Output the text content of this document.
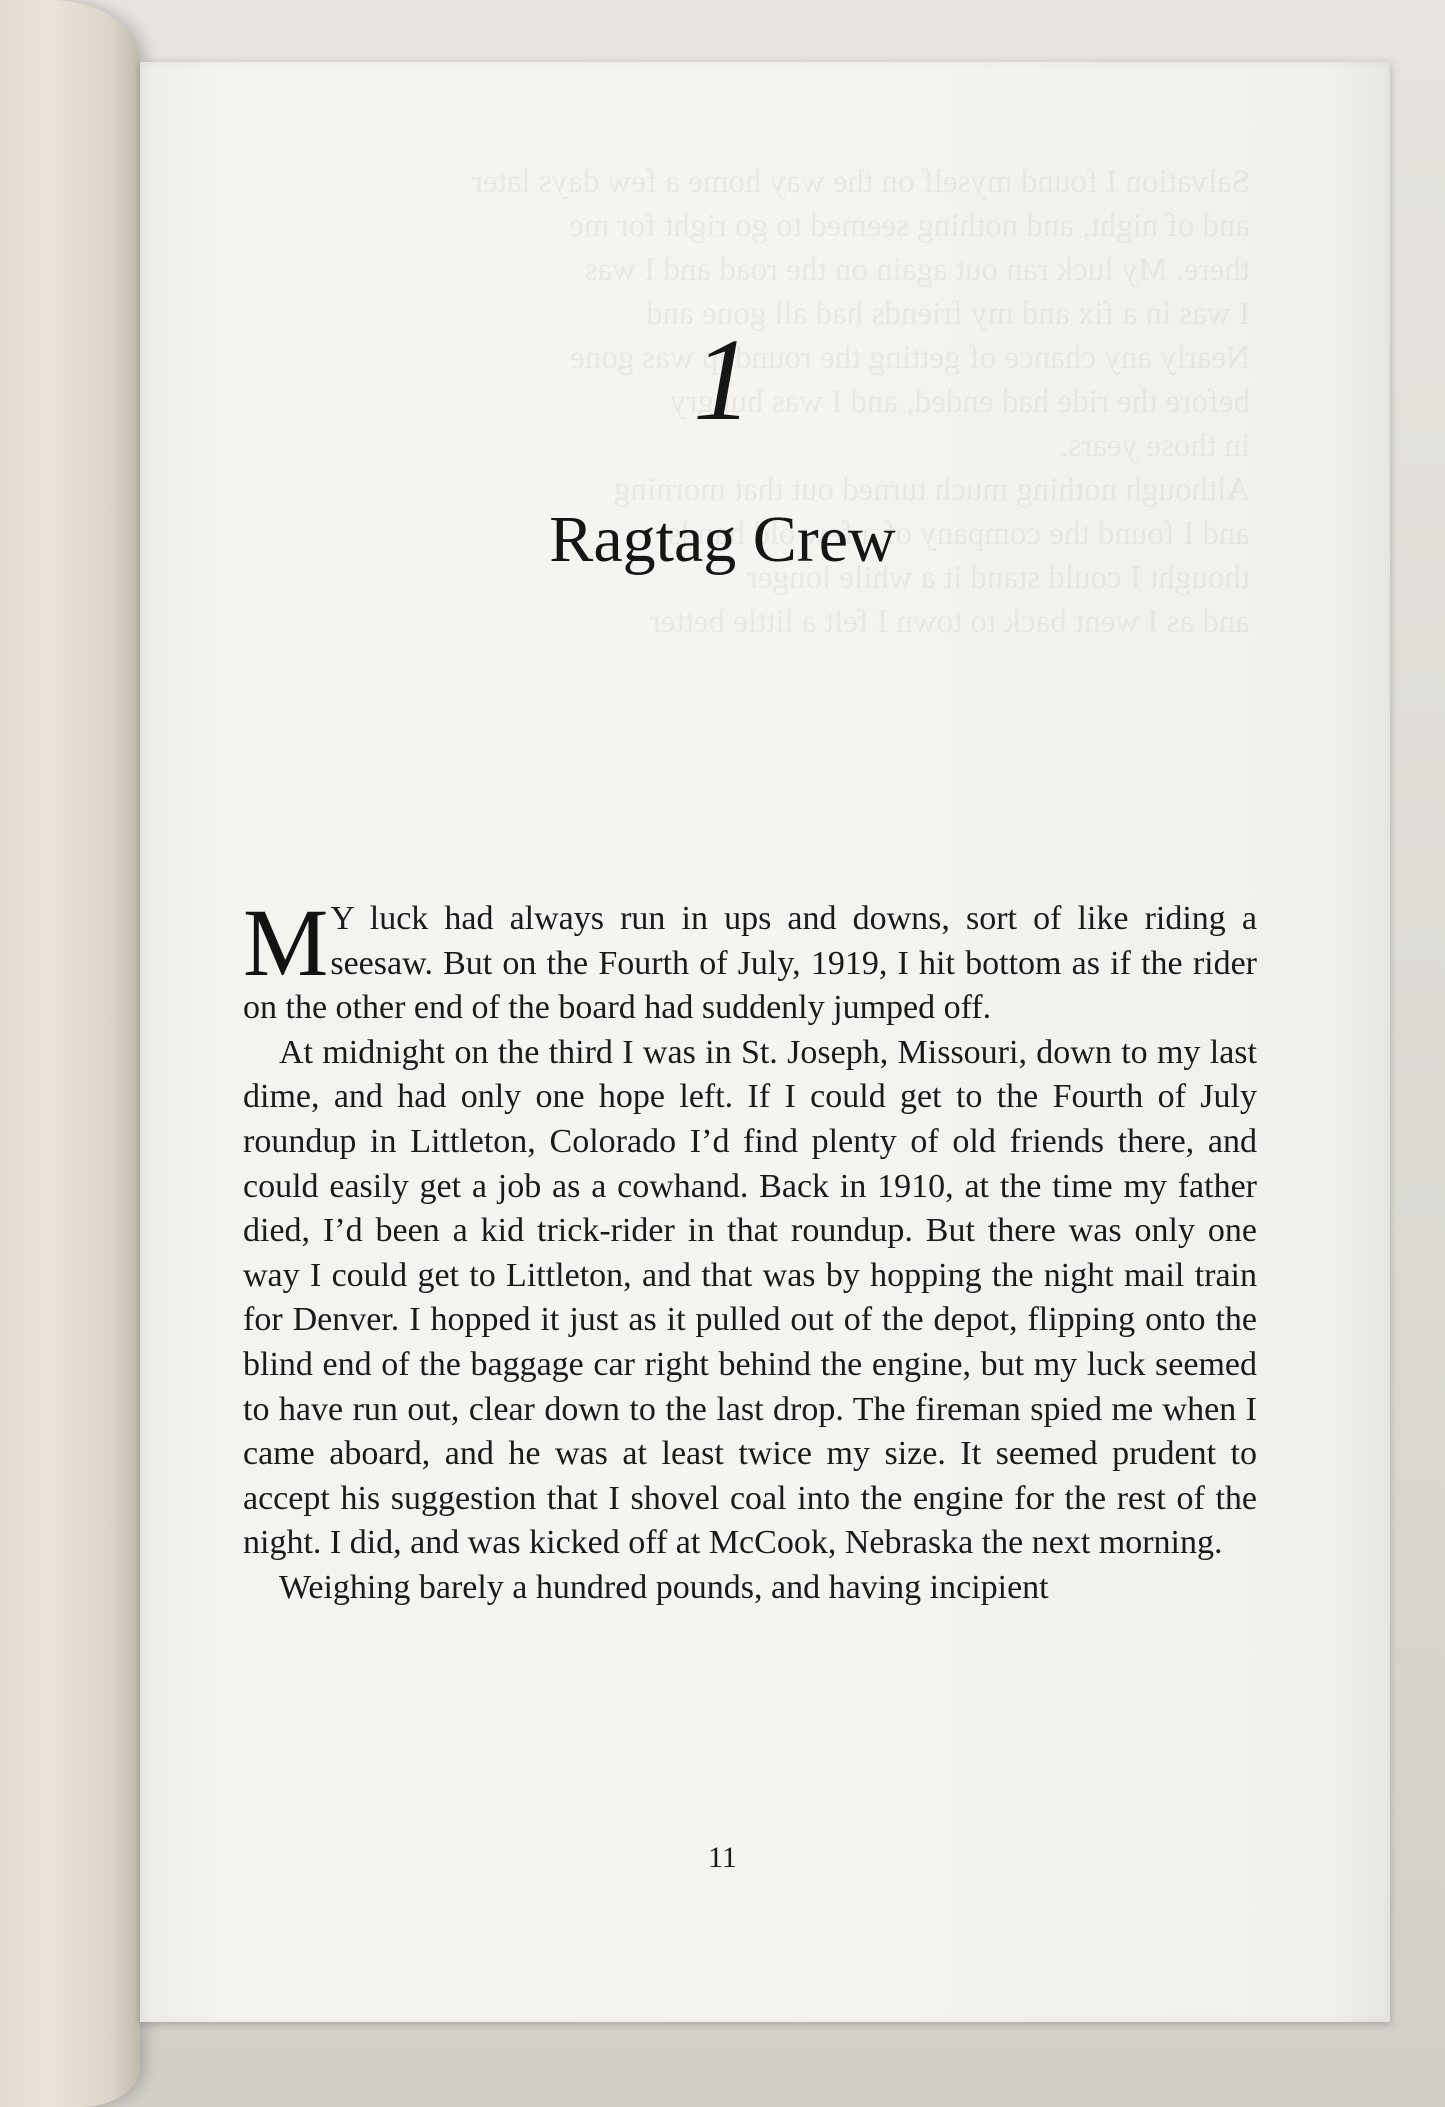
1
Ragtag Crew

M Y luck had always run in ups and downs, sort of like riding a seesaw. But on the Fourth of July, 1919, I hit bottom as if the rider on the other end of the board had suddenly jumped off.

At midnight on the third I was in St. Joseph, Missouri, down to my last dime, and had only one hope left. If I could get to the Fourth of July roundup in Littleton, Colorado I’d find plenty of old friends there, and could easily get a job as a cowhand. Back in 1910, at the time my father died, I’d been a kid trick-rider in that roundup. But there was only one way I could get to Littleton, and that was by hopping the night mail train for Denver. I hopped it just as it pulled out of the depot, flipping onto the blind end of the baggage car right behind the engine, but my luck seemed to have run out, clear down to the last drop. The fireman spied me when I came aboard, and he was at least twice my size. It seemed prudent to accept his suggestion that I shovel coal into the engine for the rest of the night. I did, and was kicked off at McCook, Nebraska the next morning.

Weighing barely a hundred pounds, and having incipient

11
